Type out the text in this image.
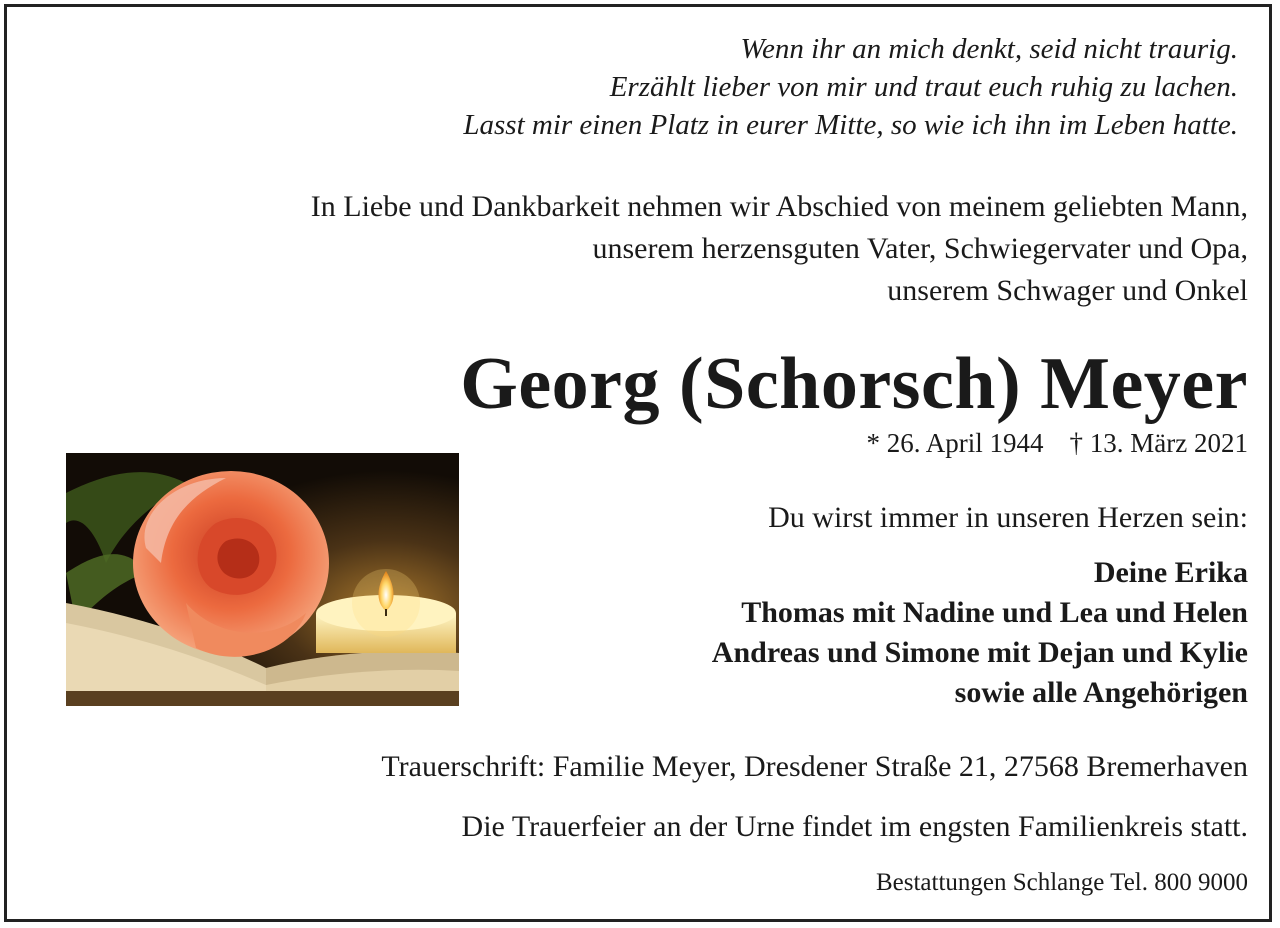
Wenn ihr an mich denkt, seid nicht traurig.
Erzählt lieber von mir und traut euch ruhig zu lachen.
Lasst mir einen Platz in eurer Mitte, so wie ich ihn im Leben hatte.
In Liebe und Dankbarkeit nehmen wir Abschied von meinem geliebten Mann,
unserem herzensguten Vater, Schwiegervater und Opa,
unserem Schwager und Onkel
Georg (Schorsch) Meyer
* 26. April 1944 † 13. März 2021
Du wirst immer in unseren Herzen sein:
Deine Erika
Thomas mit Nadine und Lea und Helen
Andreas und Simone mit Dejan und Kylie
sowie alle Angehörigen
Trauerschrift: Familie Meyer, Dresdener Straße 21, 27568 Bremerhaven
Die Trauerfeier an der Urne findet im engsten Familienkreis statt.
Bestattungen Schlange Tel. 800 9000
